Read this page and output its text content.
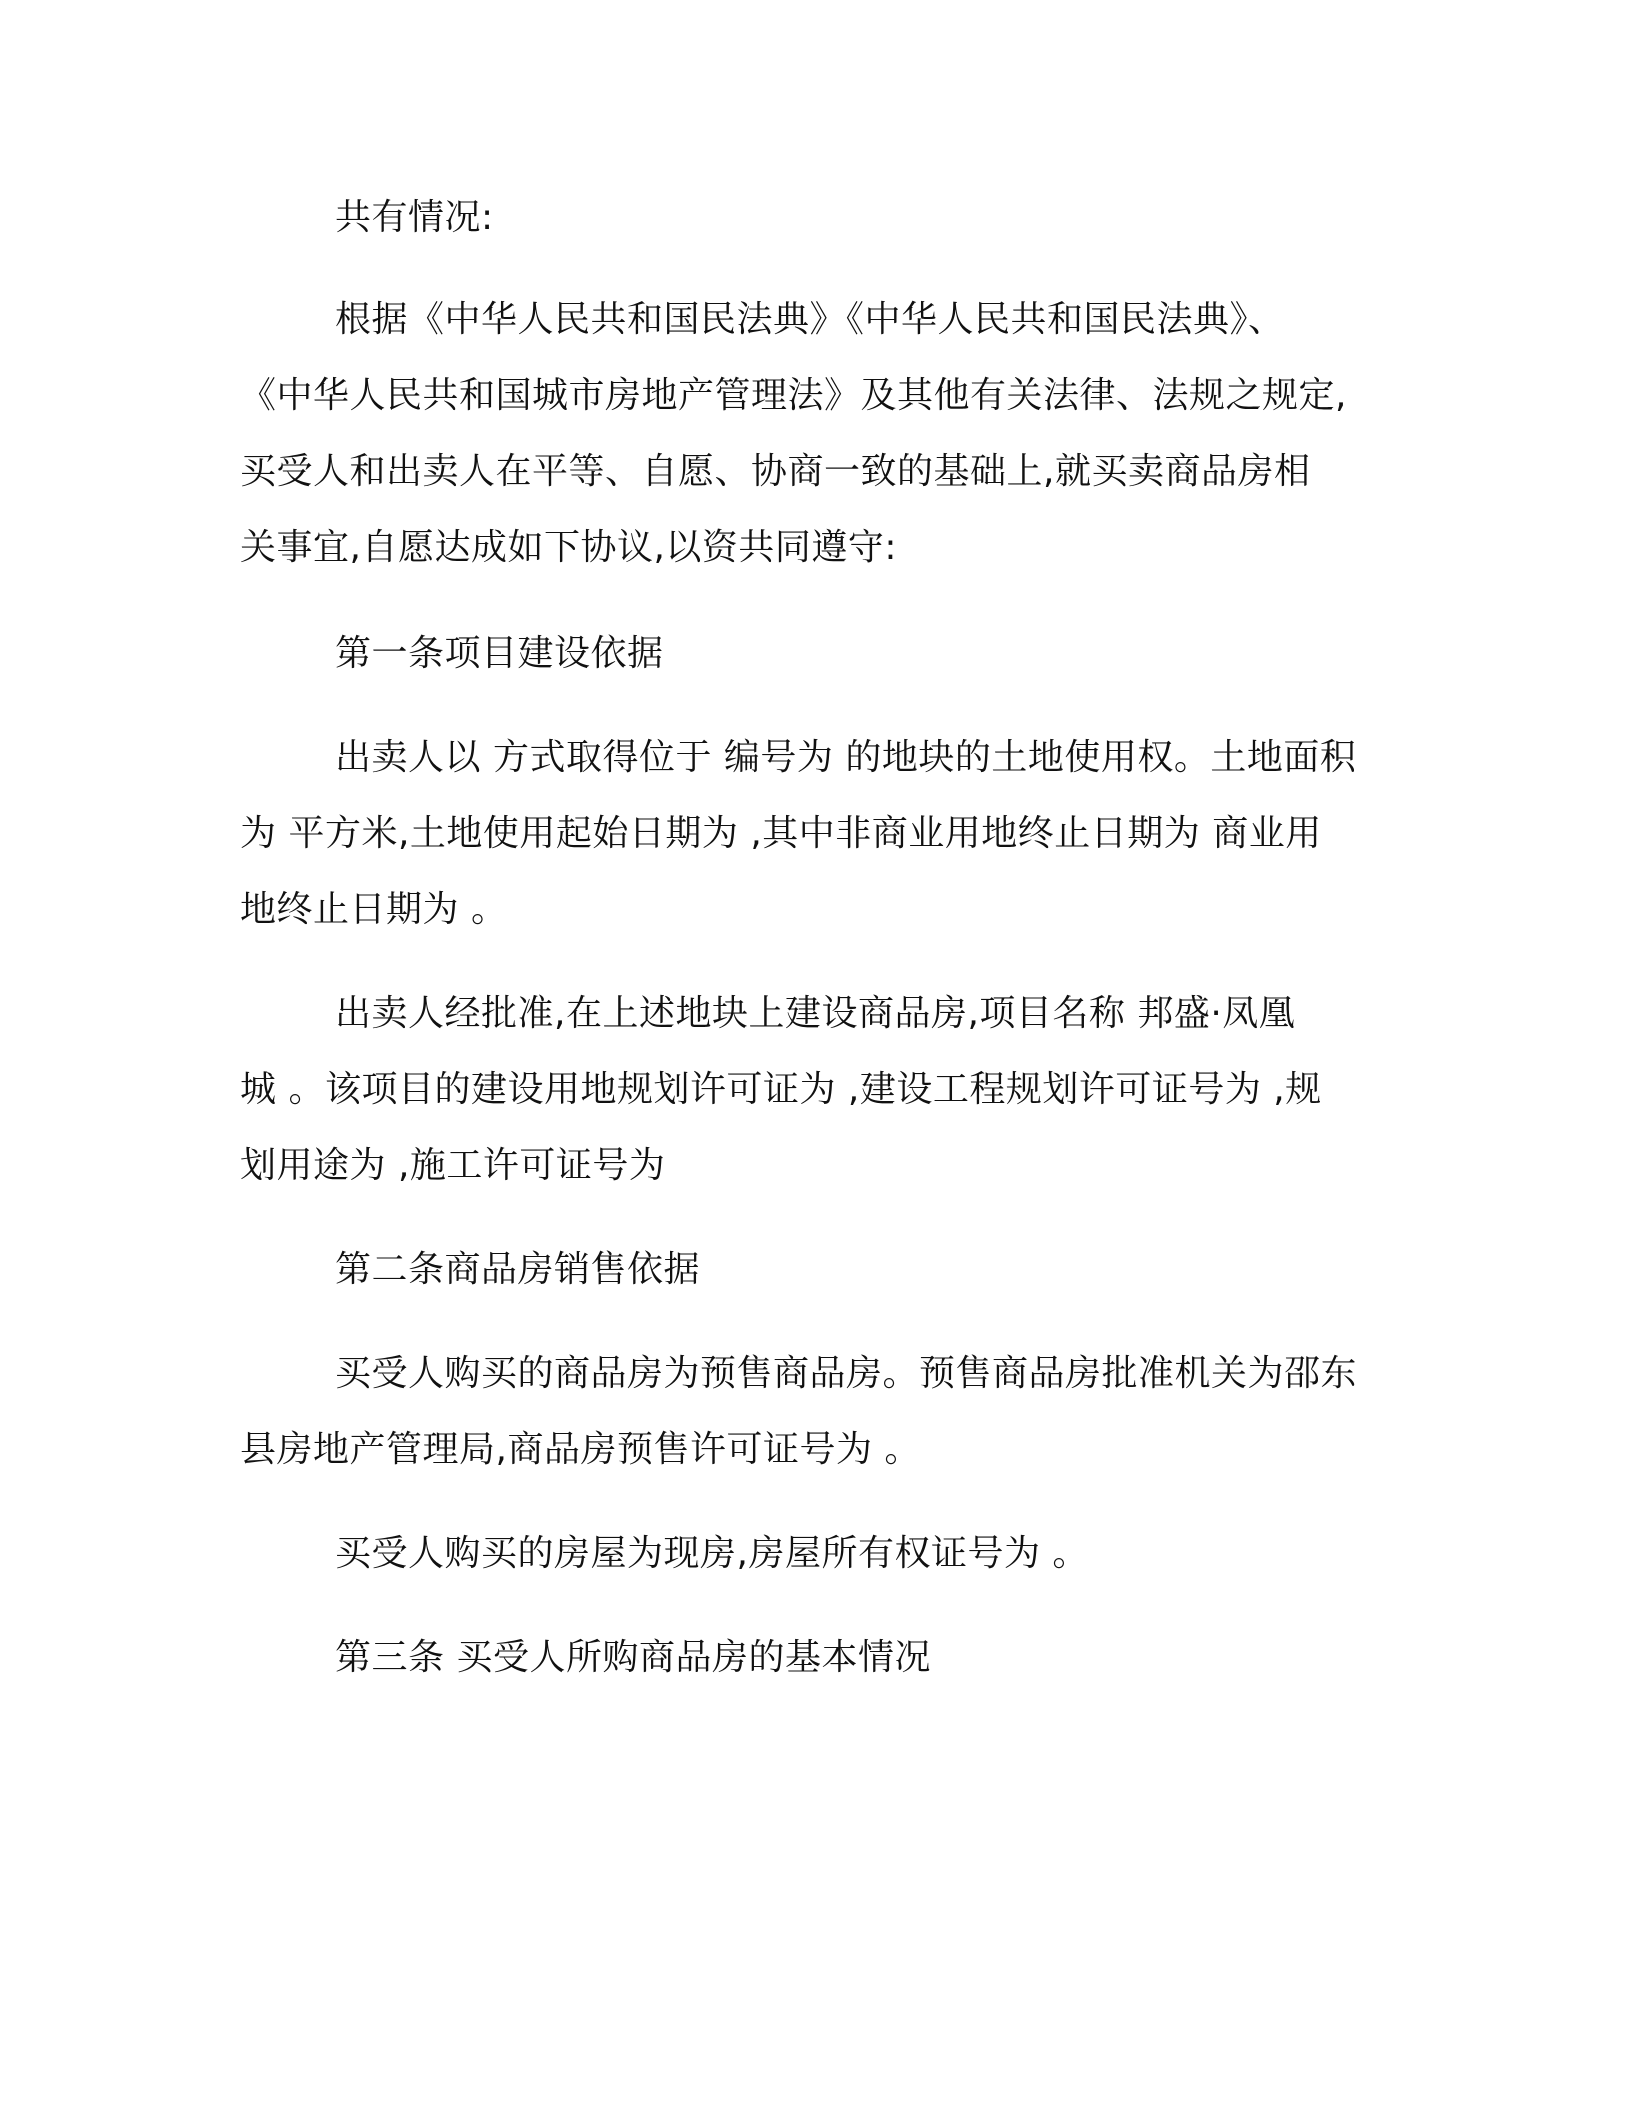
共有情况:
根据《中华人民共和国民法典》《中华人民共和国民法典》、
《中华人民共和国城市房地产管理法》及其他有关法律、法规之规定,
买受人和出卖人在平等、自愿、协商一致的基础上,就买卖商品房相
关事宜,自愿达成如下协议,以资共同遵守:
第一条项目建设依据
出卖人以 方式取得位于 编号为 的地块的土地使用权。土地面积
为 平方米,土地使用起始日期为 ,其中非商业用地终止日期为 商业用
地终止日期为 。
出卖人经批准,在上述地块上建设商品房,项目名称 邦盛·凤凰
城 。该项目的建设用地规划许可证为 ,建设工程规划许可证号为 ,规
划用途为 ,施工许可证号为
第二条商品房销售依据
买受人购买的商品房为预售商品房。预售商品房批准机关为邵东
县房地产管理局,商品房预售许可证号为 。
买受人购买的房屋为现房,房屋所有权证号为 。
第三条 买受人所购商品房的基本情况
